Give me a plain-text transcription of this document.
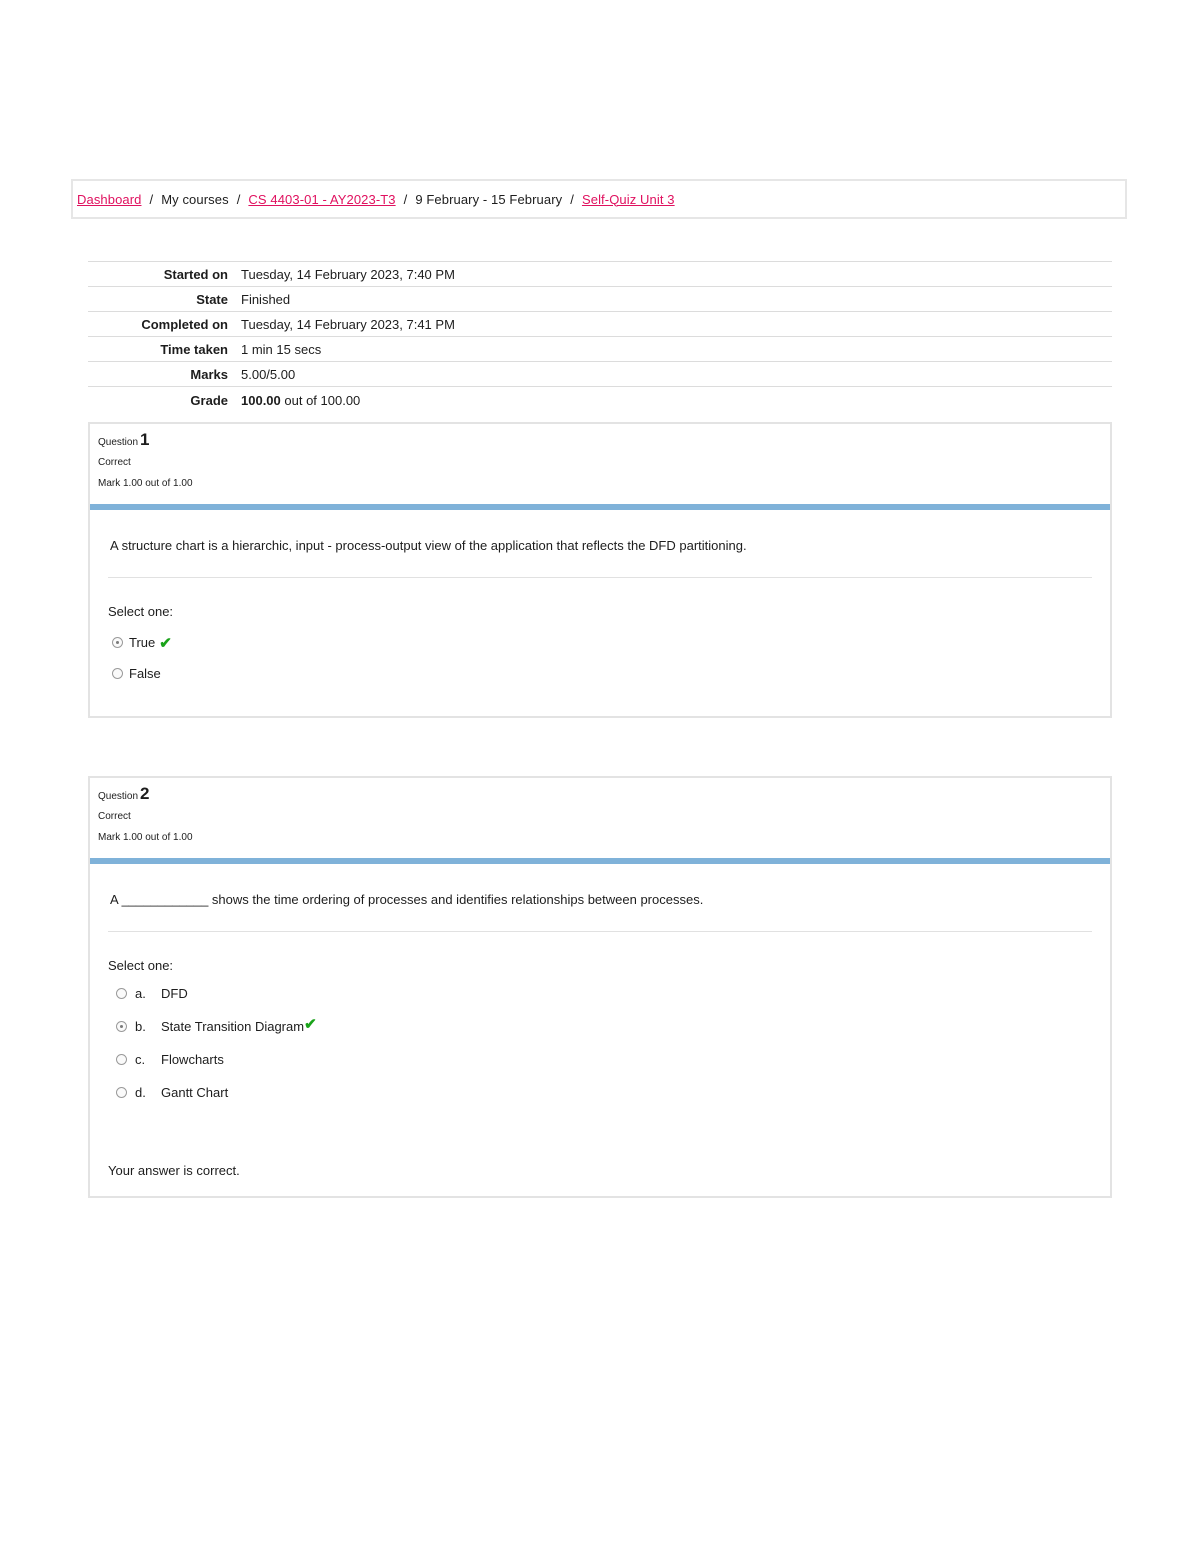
Dashboard / My courses / CS 4403-01 - AY2023-T3 / 9 February - 15 February / Self-Quiz Unit 3
Started on	Tuesday, 14 February 2023, 7:40 PM
State	Finished
Completed on	Tuesday, 14 February 2023, 7:41 PM
Time taken	1 min 15 secs
Marks	5.00/5.00
Grade	100.00 out of 100.00
Question 1
Correct
Mark 1.00 out of 1.00
A structure chart is a hierarchic, input - process-output view of the application that reflects the DFD partitioning.
Select one:
True ✔
False
Question 2
Correct
Mark 1.00 out of 1.00
A ____________ shows the time ordering of processes and identifies relationships between processes.
Select one:
a.	DFD
b.	State Transition Diagram ✔
c.	Flowcharts
d.	Gantt Chart
Your answer is correct.
